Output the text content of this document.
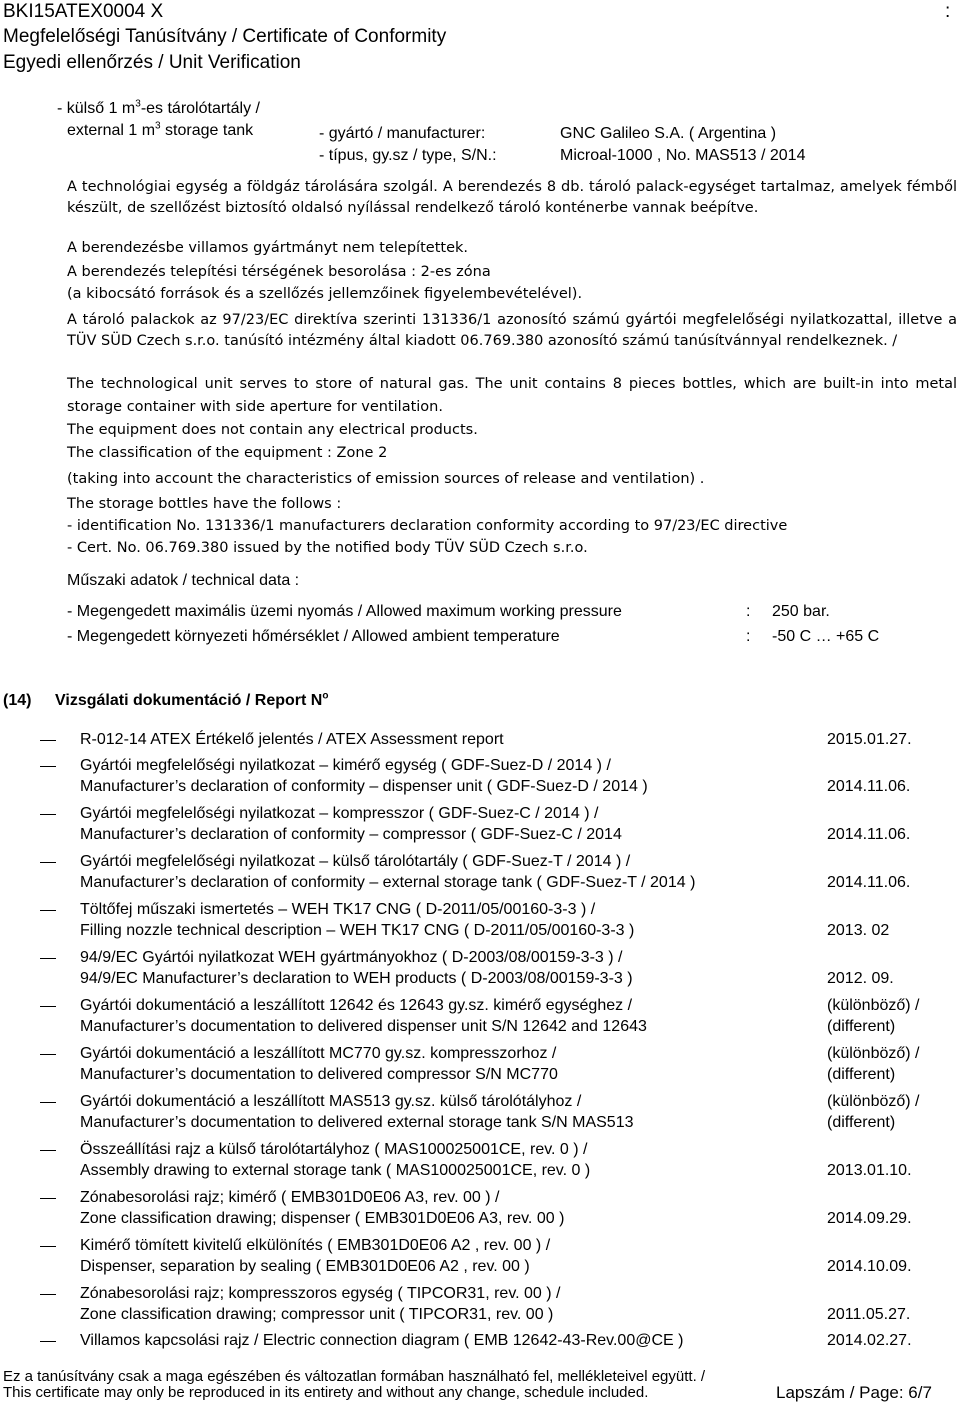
BKI15ATEX0004 X	:
Megfelelőségi Tanúsítvány / Certificate of Conformity
Egyedi ellenőrzés / Unit Verification
- külső 1 $m^3-es$ tárolótartály /
external 1 $m^3$ storage tank	- gyártó / manufacturer:	GNC Galileo S.A. ( Argentina )
- típus, gy.sz / type, S/N.:	Microal-1000 , No. MAS513 / 2014
A technológiai egység a földgáz tárolására szolgál. A berendezés 8 db. tároló palack-egységet tartalmaz, amelyek fémből készült, de szellőzést biztosító oldalsó nyílással rendelkező tároló konténerbe vannak beépítve.
A berendezésbe villamos gyártmányt nem telepítettek.
A berendezés telepítési térségének besorolása : 2-es zóna
(a kibocsátó források és a szellőzés jellemzőinek figyelembevételével).
A tároló palackok az 97/23/EC direktíva szerinti 131336/1 azonosító számú gyártói megfelelőségi nyilatkozattal, illetve a TÜV SÜD Czech s.r.o. tanúsító intézmény által kiadott 06.769.380 azonosító számú tanúsítvánnyal rendelkeznek. /
The technological unit serves to store of natural gas. The unit contains 8 pieces bottles, which are built-in into metal storage container with side aperture for ventilation.
The equipment does not contain any electrical products.
The classification of the equipment : Zone 2
(taking into account the characteristics of emission sources of release and ventilation) .
The storage bottles have the follows :
- identification No. 131336/1 manufacturers declaration conformity according to 97/23/EC directive
- Cert. No. 06.769.380 issued by the notified body TÜV SÜD Czech s.r.o.
Műszaki adatok / technical data :
- Megengedett maximális üzemi nyomás / Allowed maximum working pressure	: 250 bar.
- Megengedett környezeti hőmérséklet / Allowed ambient temperature	: -50 C … +65 C
(14) Vizsgálati dokumentáció / Report $N^o$
R-012-14 ATEX Értékelő jelentés / ATEX Assessment report	2015.01.27.
Gyártói megfelelőségi nyilatkozat – kimérő egység ( GDF-Suez-D / 2014 ) /
Manufacturer’s declaration of conformity – dispenser unit ( GDF-Suez-D / 2014 )	2014.11.06.
Gyártói megfelelőségi nyilatkozat – kompresszor ( GDF-Suez-C / 2014 ) /
Manufacturer’s declaration of conformity – compressor ( GDF-Suez-C / 2014	2014.11.06.
Gyártói megfelelőségi nyilatkozat – külső tárolótartály ( GDF-Suez-T / 2014 ) /
Manufacturer’s declaration of conformity – external storage tank ( GDF-Suez-T / 2014 )	2014.11.06.
Töltőfej műszaki ismertetés – WEH TK17 CNG ( D-2011/05/00160-3-3 ) /
Filling nozzle technical description – WEH TK17 CNG ( D-2011/05/00160-3-3 )	2013. 02
94/9/EC Gyártói nyilatkozat WEH gyártmányokhoz ( D-2003/08/00159-3-3 ) /
94/9/EC Manufacturer’s declaration to WEH products ( D-2003/08/00159-3-3 )	2012. 09.
Gyártói dokumentáció a leszállított 12642 és 12643 gy.sz. kimérő egységhez /	(különböző) /
Manufacturer’s documentation to delivered dispenser unit S/N 12642 and 12643	(different)
Gyártói dokumentáció a leszállított MC770 gy.sz. kompresszorhoz /	(különböző) /
Manufacturer’s documentation to delivered compressor S/N MC770	(different)
Gyártói dokumentáció a leszállított MAS513 gy.sz. külső tárolótályhoz /	(különböző) /
Manufacturer’s documentation to delivered external storage tank S/N MAS513	(different)
Összeállítási rajz a külső tárolótartályhoz ( MAS100025001CE, rev. 0 ) /
Assembly drawing to external storage tank ( MAS100025001CE, rev. 0 )	2013.01.10.
Zónabesorolási rajz; kimérő ( EMB301D0E06 A3, rev. 00 ) /
Zone classification drawing; dispenser ( EMB301D0E06 A3, rev. 00 )	2014.09.29.
Kimérő tömített kivitelű elkülönítés ( EMB301D0E06 A2 , rev. 00 ) /
Dispenser, separation by sealing ( EMB301D0E06 A2 , rev. 00 )	2014.10.09.
Zónabesorolási rajz; kompresszoros egység ( TIPCOR31, rev. 00 ) /
Zone classification drawing; compressor unit ( TIPCOR31, rev. 00 )	2011.05.27.
Villamos kapcsolási rajz / Electric connection diagram ( EMB 12642-43-Rev.00@CE )	2014.02.27.
Ez a tanúsítvány csak a maga egészében és változatlan formában használható fel, mellékleteivel együtt. /
This certificate may only be reproduced in its entirety and without any change, schedule included.	Lapszám / Page: 6/7
